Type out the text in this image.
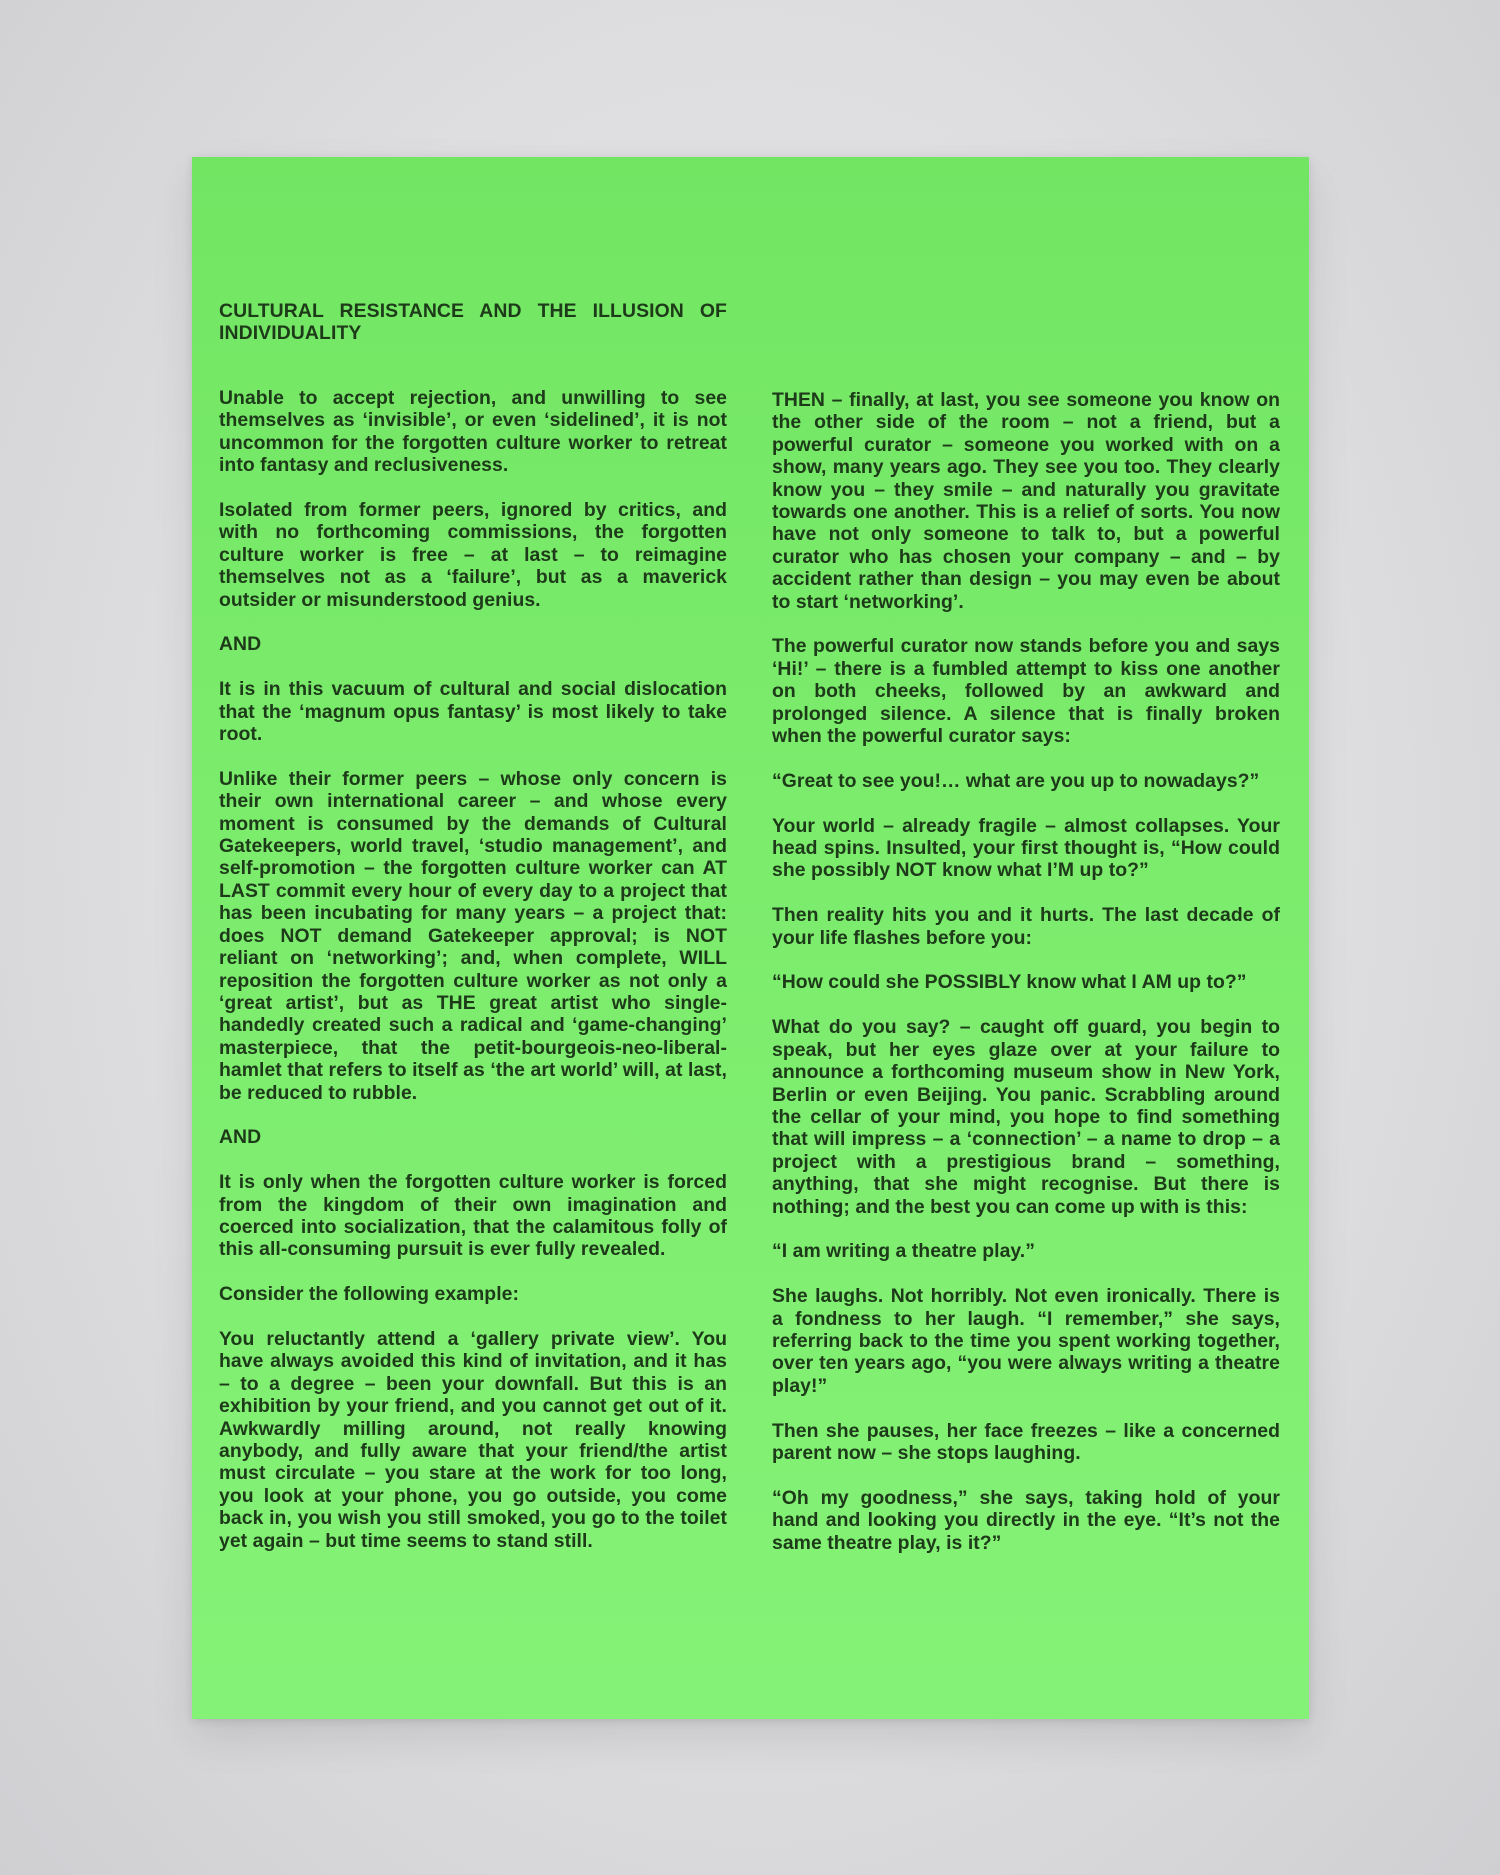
CULTURAL RESISTANCE AND THE ILLUSION OF INDIVIDUALITY

Unable to accept rejection, and unwilling to see themselves as ‘invisible’, or even ‘sidelined’, it is not uncommon for the forgotten culture worker to retreat into fantasy and reclusiveness.

Isolated from former peers, ignored by critics, and with no forthcoming commissions, the forgotten culture worker is free – at last – to reimagine themselves not as a ‘failure’, but as a maverick outsider or misunderstood genius.

AND

It is in this vacuum of cultural and social dislocation that the ‘magnum opus fantasy’ is most likely to take root.

Unlike their former peers – whose only concern is their own international career – and whose every moment is consumed by the demands of Cultural Gatekeepers, world travel, ‘studio management’, and self-promotion – the forgotten culture worker can AT LAST commit every hour of every day to a project that has been incubating for many years – a project that: does NOT demand Gatekeeper approval; is NOT reliant on ‘networking’; and, when complete, WILL reposition the forgotten culture worker as not only a ‘great artist’, but as THE great artist who single-handedly created such a radical and ‘game-changing’ masterpiece, that the petit-bourgeois-neo-liberal-hamlet that refers to itself as ‘the art world’ will, at last, be reduced to rubble.

AND

It is only when the forgotten culture worker is forced from the kingdom of their own imagination and coerced into socialization, that the calamitous folly of this all-consuming pursuit is ever fully revealed.

Consider the following example:

You reluctantly attend a ‘gallery private view’. You have always avoided this kind of invitation, and it has – to a degree – been your downfall. But this is an exhibition by your friend, and you cannot get out of it. Awkwardly milling around, not really knowing anybody, and fully aware that your friend/the artist must circulate – you stare at the work for too long, you look at your phone, you go outside, you come back in, you wish you still smoked, you go to the toilet yet again – but time seems to stand still.

THEN – finally, at last, you see someone you know on the other side of the room – not a friend, but a powerful curator – someone you worked with on a show, many years ago. They see you too. They clearly know you – they smile – and naturally you gravitate towards one another. This is a relief of sorts. You now have not only someone to talk to, but a powerful curator who has chosen your company – and – by accident rather than design – you may even be about to start ‘networking’.

The powerful curator now stands before you and says ‘Hi!’ – there is a fumbled attempt to kiss one another on both cheeks, followed by an awkward and prolonged silence. A silence that is finally broken when the powerful curator says:

“Great to see you!… what are you up to nowadays?”

Your world – already fragile – almost collapses. Your head spins. Insulted, your first thought is, “How could she possibly NOT know what I’M up to?”

Then reality hits you and it hurts. The last decade of your life flashes before you:

“How could she POSSIBLY know what I AM up to?”

What do you say? – caught off guard, you begin to speak, but her eyes glaze over at your failure to announce a forthcoming museum show in New York, Berlin or even Beijing. You panic. Scrabbling around the cellar of your mind, you hope to find something that will impress – a ‘connection’ – a name to drop – a project with a prestigious brand – something, anything, that she might recognise. But there is nothing; and the best you can come up with is this:

“I am writing a theatre play.”

She laughs. Not horribly. Not even ironically. There is a fondness to her laugh. “I remember,” she says, referring back to the time you spent working together, over ten years ago, “you were always writing a theatre play!”

Then she pauses, her face freezes – like a concerned parent now – she stops laughing.

“Oh my goodness,” she says, taking hold of your hand and looking you directly in the eye. “It’s not the same theatre play, is it?”
